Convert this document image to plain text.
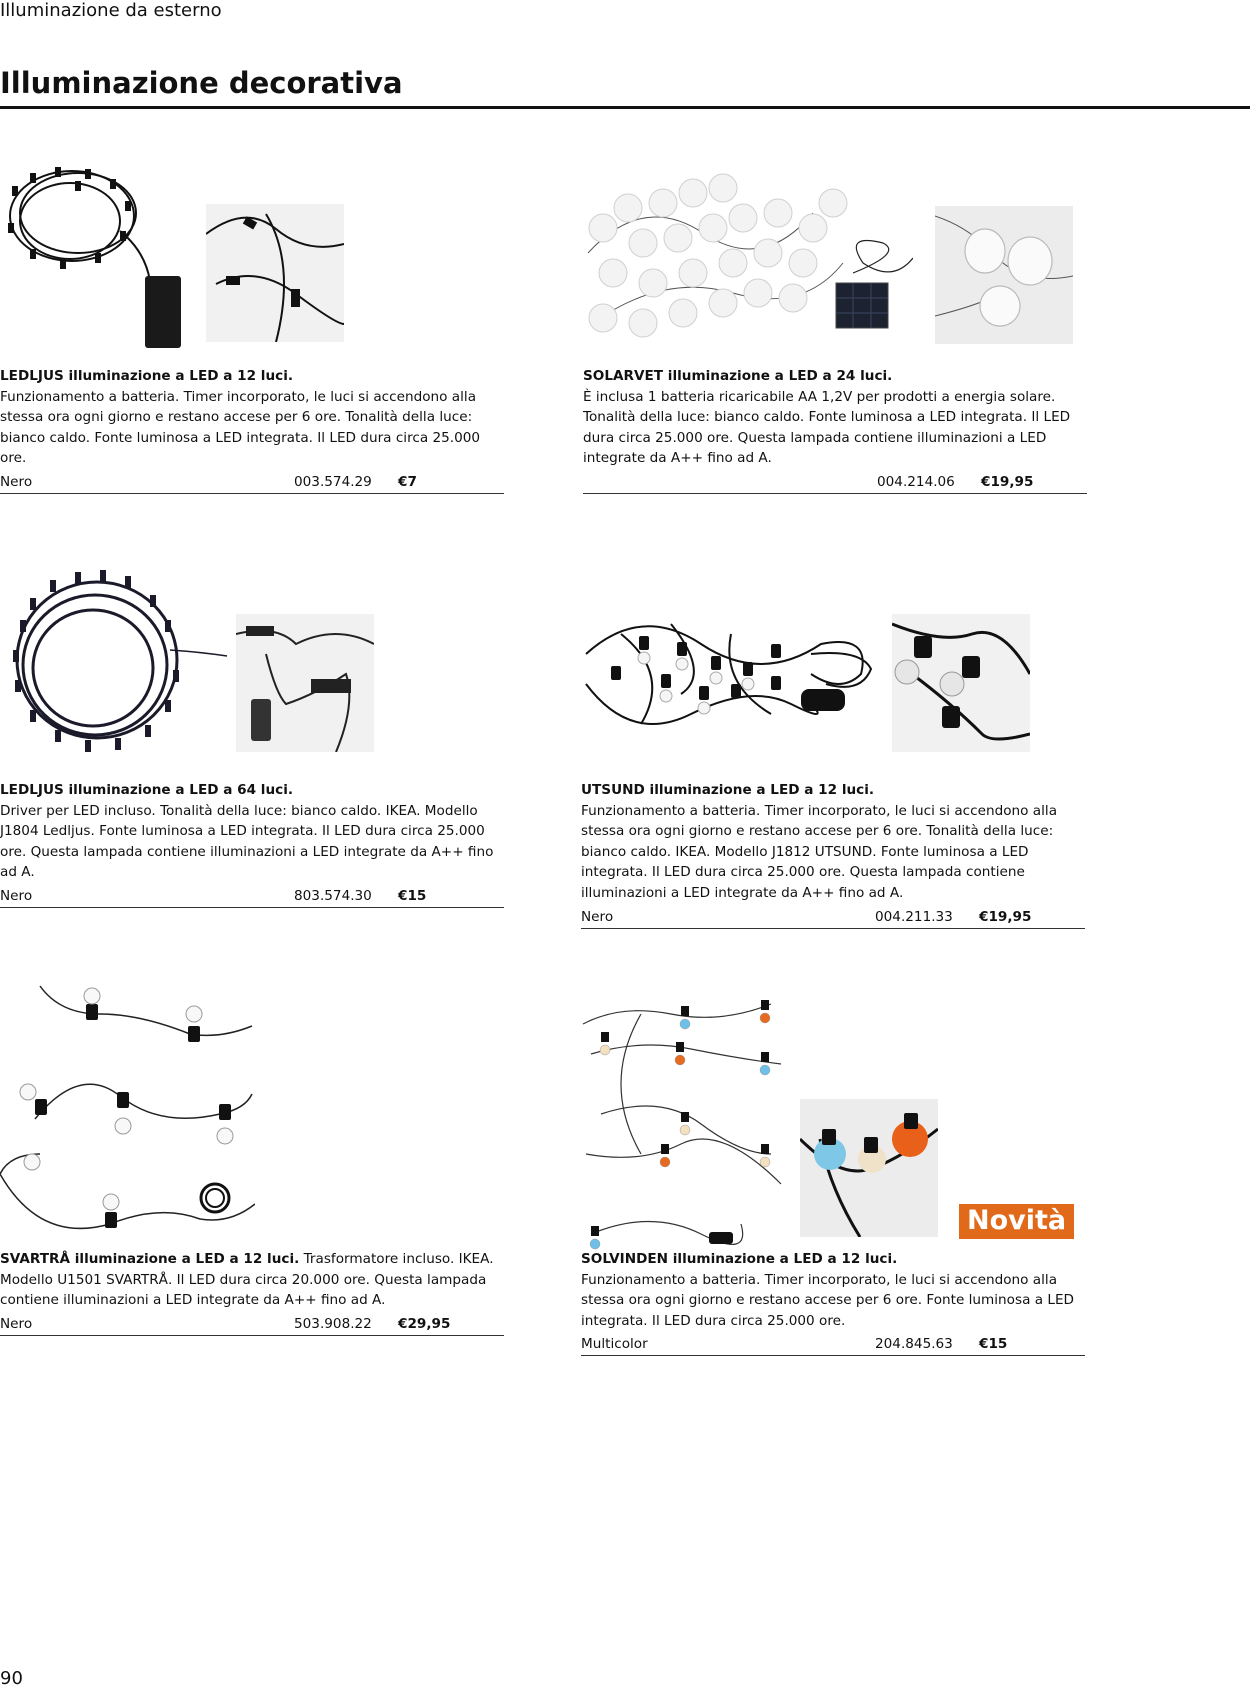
Illuminazione da esterno
Illuminazione decorativa
LEDLJUS illuminazione a LED a 12 luci.
Funzionamento a batteria. Timer incorporato, le luci si accendono alla stessa ora ogni giorno e restano accese per 6 ore. Tonalità della luce: bianco caldo. Fonte luminosa a LED integrata. Il LED dura circa 25.000 ore.
Nero	003.574.29 €7
SOLARVET illuminazione a LED a 24 luci.
È inclusa 1 batteria ricaricabile AA 1,2V per prodotti a energia solare. Tonalità della luce: bianco caldo. Fonte luminosa a LED integrata. Il LED dura circa 25.000 ore. Questa lampada contiene illuminazioni a LED integrate da A++ fino ad A.
004.214.06 €19,95
LEDLJUS illuminazione a LED a 64 luci.
Driver per LED incluso. Tonalità della luce: bianco caldo. IKEA. Modello J1804 Ledljus. Fonte luminosa a LED integrata. Il LED dura circa 25.000 ore. Questa lampada contiene illuminazioni a LED integrate da A++ fino ad A.
Nero	803.574.30 €15
UTSUND illuminazione a LED a 12 luci.
Funzionamento a batteria. Timer incorporato, le luci si accendono alla stessa ora ogni giorno e restano accese per 6 ore. Tonalità della luce: bianco caldo. IKEA. Modello J1812 UTSUND. Fonte luminosa a LED integrata. Il LED dura circa 25.000 ore. Questa lampada contiene illuminazioni a LED integrate da A++ fino ad A.
Nero	004.211.33 €19,95
SVARTRÅ illuminazione a LED a 12 luci. Trasformatore incluso. IKEA. Modello U1501 SVARTRÅ. Il LED dura circa 20.000 ore. Questa lampada contiene illuminazioni a LED integrate da A++ fino ad A.
Nero	503.908.22 €29,95
Novità
SOLVINDEN illuminazione a LED a 12 luci.
Funzionamento a batteria. Timer incorporato, le luci si accendono alla stessa ora ogni giorno e restano accese per 6 ore. Fonte luminosa a LED integrata. Il LED dura circa 25.000 ore.
Multicolor	204.845.63 €15
90
